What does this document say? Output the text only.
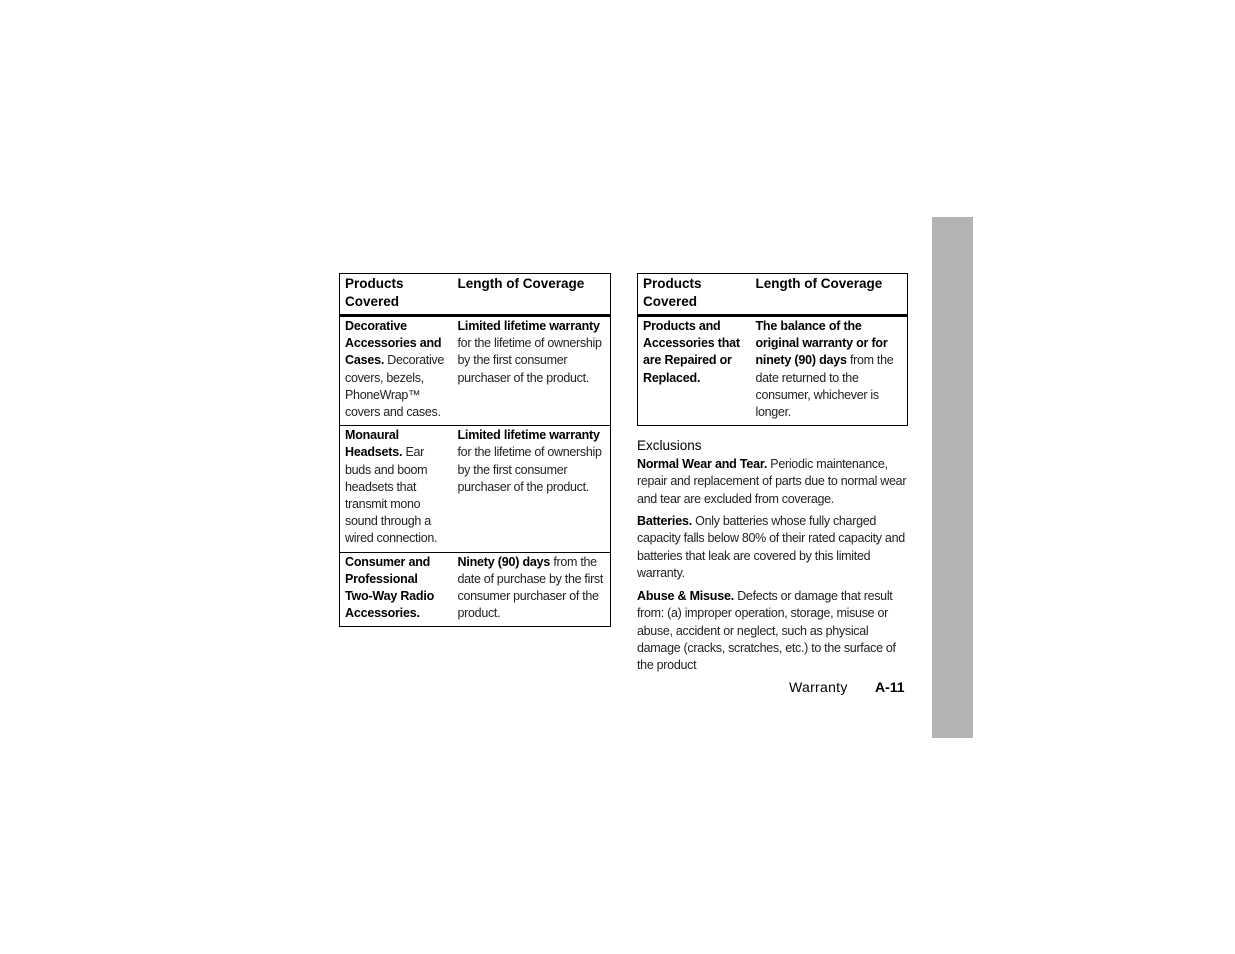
Products Covered	Length of Coverage
Decorative Accessories and Cases. Decorative covers, bezels, PhoneWrap™ covers and cases.	Limited lifetime warranty for the lifetime of ownership by the first consumer purchaser of the product.
Monaural Headsets. Ear buds and boom headsets that transmit mono sound through a wired connection.	Limited lifetime warranty for the lifetime of ownership by the first consumer purchaser of the product.
Consumer and Professional Two-Way Radio Accessories.	Ninety (90) days from the date of purchase by the first consumer purchaser of the product.
Products Covered	Length of Coverage
Products and Accessories that are Repaired or Replaced.	The balance of the original warranty or for ninety (90) days from the date returned to the consumer, whichever is longer.
Exclusions
Normal Wear and Tear. Periodic maintenance, repair and replacement of parts due to normal wear and tear are excluded from coverage.
Batteries. Only batteries whose fully charged capacity falls below 80% of their rated capacity and batteries that leak are covered by this limited warranty.
Abuse & Misuse. Defects or damage that result from: (a) improper operation, storage, misuse or abuse, accident or neglect, such as physical damage (cracks, scratches, etc.) to the surface of the product
Warranty A-11
